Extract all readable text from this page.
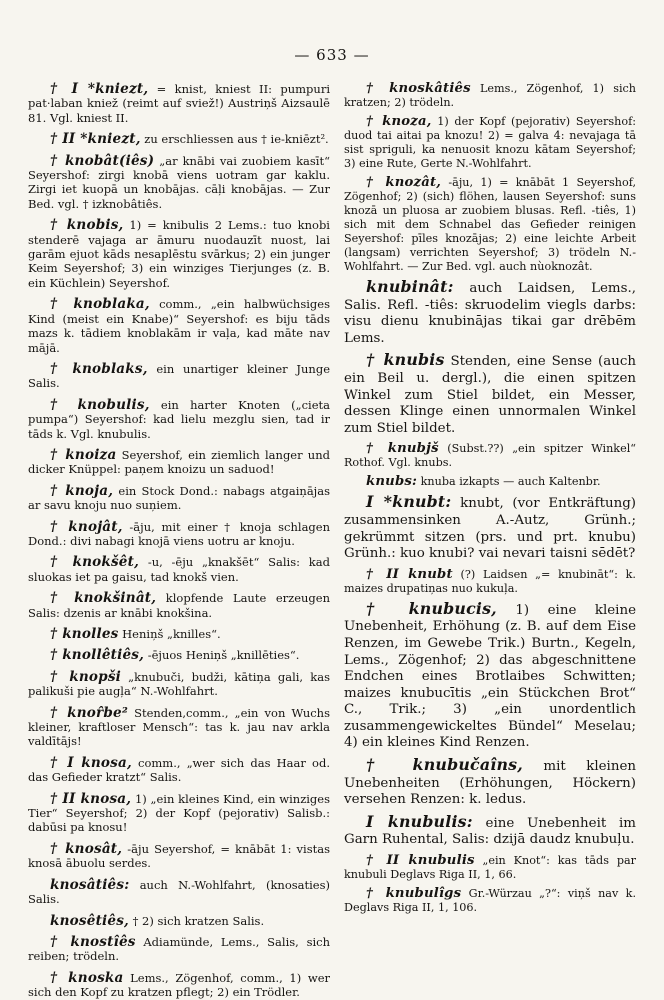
— 633 —

† I *kniezt, = knist, kniest II: pumpuri pat·laban kniež (reimt auf sviež!) Austriņš Aizsaulē 81. Vgl. kniest II.

† II *kniezt, zu erschliessen aus † ie-kniēzt².

† knobât(iês) „ar knābi vai zuobiem kasīt“ Seyershof: zirgi knobā viens uotram gar kaklu. Zirgi iet kuopā un knobājas. cāļi knobājas. — Zur Bed. vgl. † izknobâtiês.

† knobis, 1) = knibulis 2 Lems.: tuo knobi stenderē vajaga ar āmuru nuodauzīt nuost, lai garām ejuot kāds nesaplēstu svārkus; 2) ein junger Keim Seyershof; 3) ein winziges Tierjunges (z. B. ein Küchlein) Seyershof.

† knoblaka, comm., „ein halbwüchsiges Kind (meist ein Knabe)“ Seyershof: es biju tāds mazs k. tādiem knoblakām ir vaļa, kad māte nav mājā.

† knoblaks, ein unartiger kleiner Junge Salis.

† knobulis, ein harter Knoten („cieta pumpa“) Seyershof: kad lielu mezglu sien, tad ir tāds k. Vgl. knubulis.

† knoiza Seyershof, ein ziemlich langer und dicker Knüppel: paņem knoizu un saduod!

† knoja, ein Stock Dond.: nabags atgaiņājas ar savu knoju nuo suņiem.

† knojât, -āju, mit einer † knoja schlagen Dond.: divi nabagi knojā viens uotru ar knoju.

† knokšêt, -u, -ēju „knakšēt“ Salis: kad sluokas iet pa gaisu, tad knokš vien.

† knokšinât, klopfende Laute erzeugen Salis: dzenis ar knābi knokšina.

† knolles Heniņš „knilles“.

† knollêtiês, -ējuos Heniņš „knillēties“.

† knopši „knubuči, budži, kātiņa gali, kas palikuši pie augļa“ N.-Wohlfahrt.

† knor̂be² Stenden,comm., „ein von Wuchs kleiner, kraftloser Mensch“: tas k. jau nav arkla valdītājs!

† I knosa, comm., „wer sich das Haar od. das Gefieder kratzt“ Salis.

† II knosa, 1) „ein kleines Kind, ein winziges Tier“ Seyershof; 2) der Kopf (pejorativ) Salisb.: dabūsi pa knosu!

† knosât, -āju Seyershof, = knābāt 1: vistas knosā ābuolu serdes.

knosâtiês: auch N.-Wohlfahrt, (knosaties) Salis.

knosêtiês, † 2) sich kratzen Salis.

† knostîês Adiamünde, Lems., Salis, sich reiben; trödeln.

† knoska Lems., Zögenhof, comm., 1) wer sich den Kopf zu kratzen pflegt; 2) ein Trödler.

† knoskâtiês Lems., Zögenhof, 1) sich kratzen; 2) trödeln.

† knoza, 1) der Kopf (pejorativ) Seyershof: duod tai aitai pa knozu! 2) = galva 4: nevajaga tā sist spriguli, ka nenuosit knozu kātam Seyershof; 3) eine Rute, Gerte N.-Wohlfahrt.

† knozât, -āju, 1) = knābāt 1 Seyershof, Zögenhof; 2) (sich) flöhen, lausen Seyershof: suns knozā un pluosa ar zuobiem blusas. Refl. -tiês, 1) sich mit dem Schnabel das Gefieder reinigen Seyershof: pīles knozājas; 2) eine leichte Arbeit (langsam) verrichten Seyershof; 3) trödeln N.-Wohlfahrt. — Zur Bed. vgl. auch nùoknozât.

knubinât: auch Laidsen, Lems., Salis. Refl. -tiês: skruodelim viegls darbs: visu dienu knubinājas tikai gar drēbēm Lems.

† knubis Stenden, eine Sense (auch ein Beil u. dergl.), die einen spitzen Winkel zum Stiel bildet, ein Messer, dessen Klinge einen unnormalen Winkel zum Stiel bildet.

† knubjš (Subst.??) „ein spitzer Winkel“ Rothof. Vgl. knubs.

knubs: knuba izkapts — auch Kaltenbr.

I *knubt: knubt, (vor Entkräftung) zusammensinken A.-Autz, Grünh.; gekrümmt sitzen (prs. und prt. knubu) Grünh.: kuo knubi? vai nevari taisni sēdēt?

† II knubt (?) Laidsen „= knubināt“: k. maizes drupatiņas nuo kukuļa.

† knubucis, 1) eine kleine Unebenheit, Erhöhung (z. B. auf dem Eise Renzen, im Gewebe Trik.) Burtn., Kegeln, Lems., Zögenhof; 2) das abgeschnittene Endchen eines Brotlaibes Schwitten; maizes knubucītis „ein Stückchen Brot“ C., Trik.; 3) „ein unordentlich zusammengewickeltes Bündel“ Meselau; 4) ein kleines Kind Renzen.

† knubučaîns, mit kleinen Unebenheiten (Erhöhungen, Höckern) versehen Renzen: k. ledus.

I knubulis: eine Unebenheit im Garn Ruhental, Salis: dzijā daudz knubuļu.

† II knubulis „ein Knot“: kas tāds par knubuli Deglavs Riga II, 1, 66.

† knubulîgs Gr.-Würzau „?“: viņš nav k. Deglavs Riga II, 1, 106.
